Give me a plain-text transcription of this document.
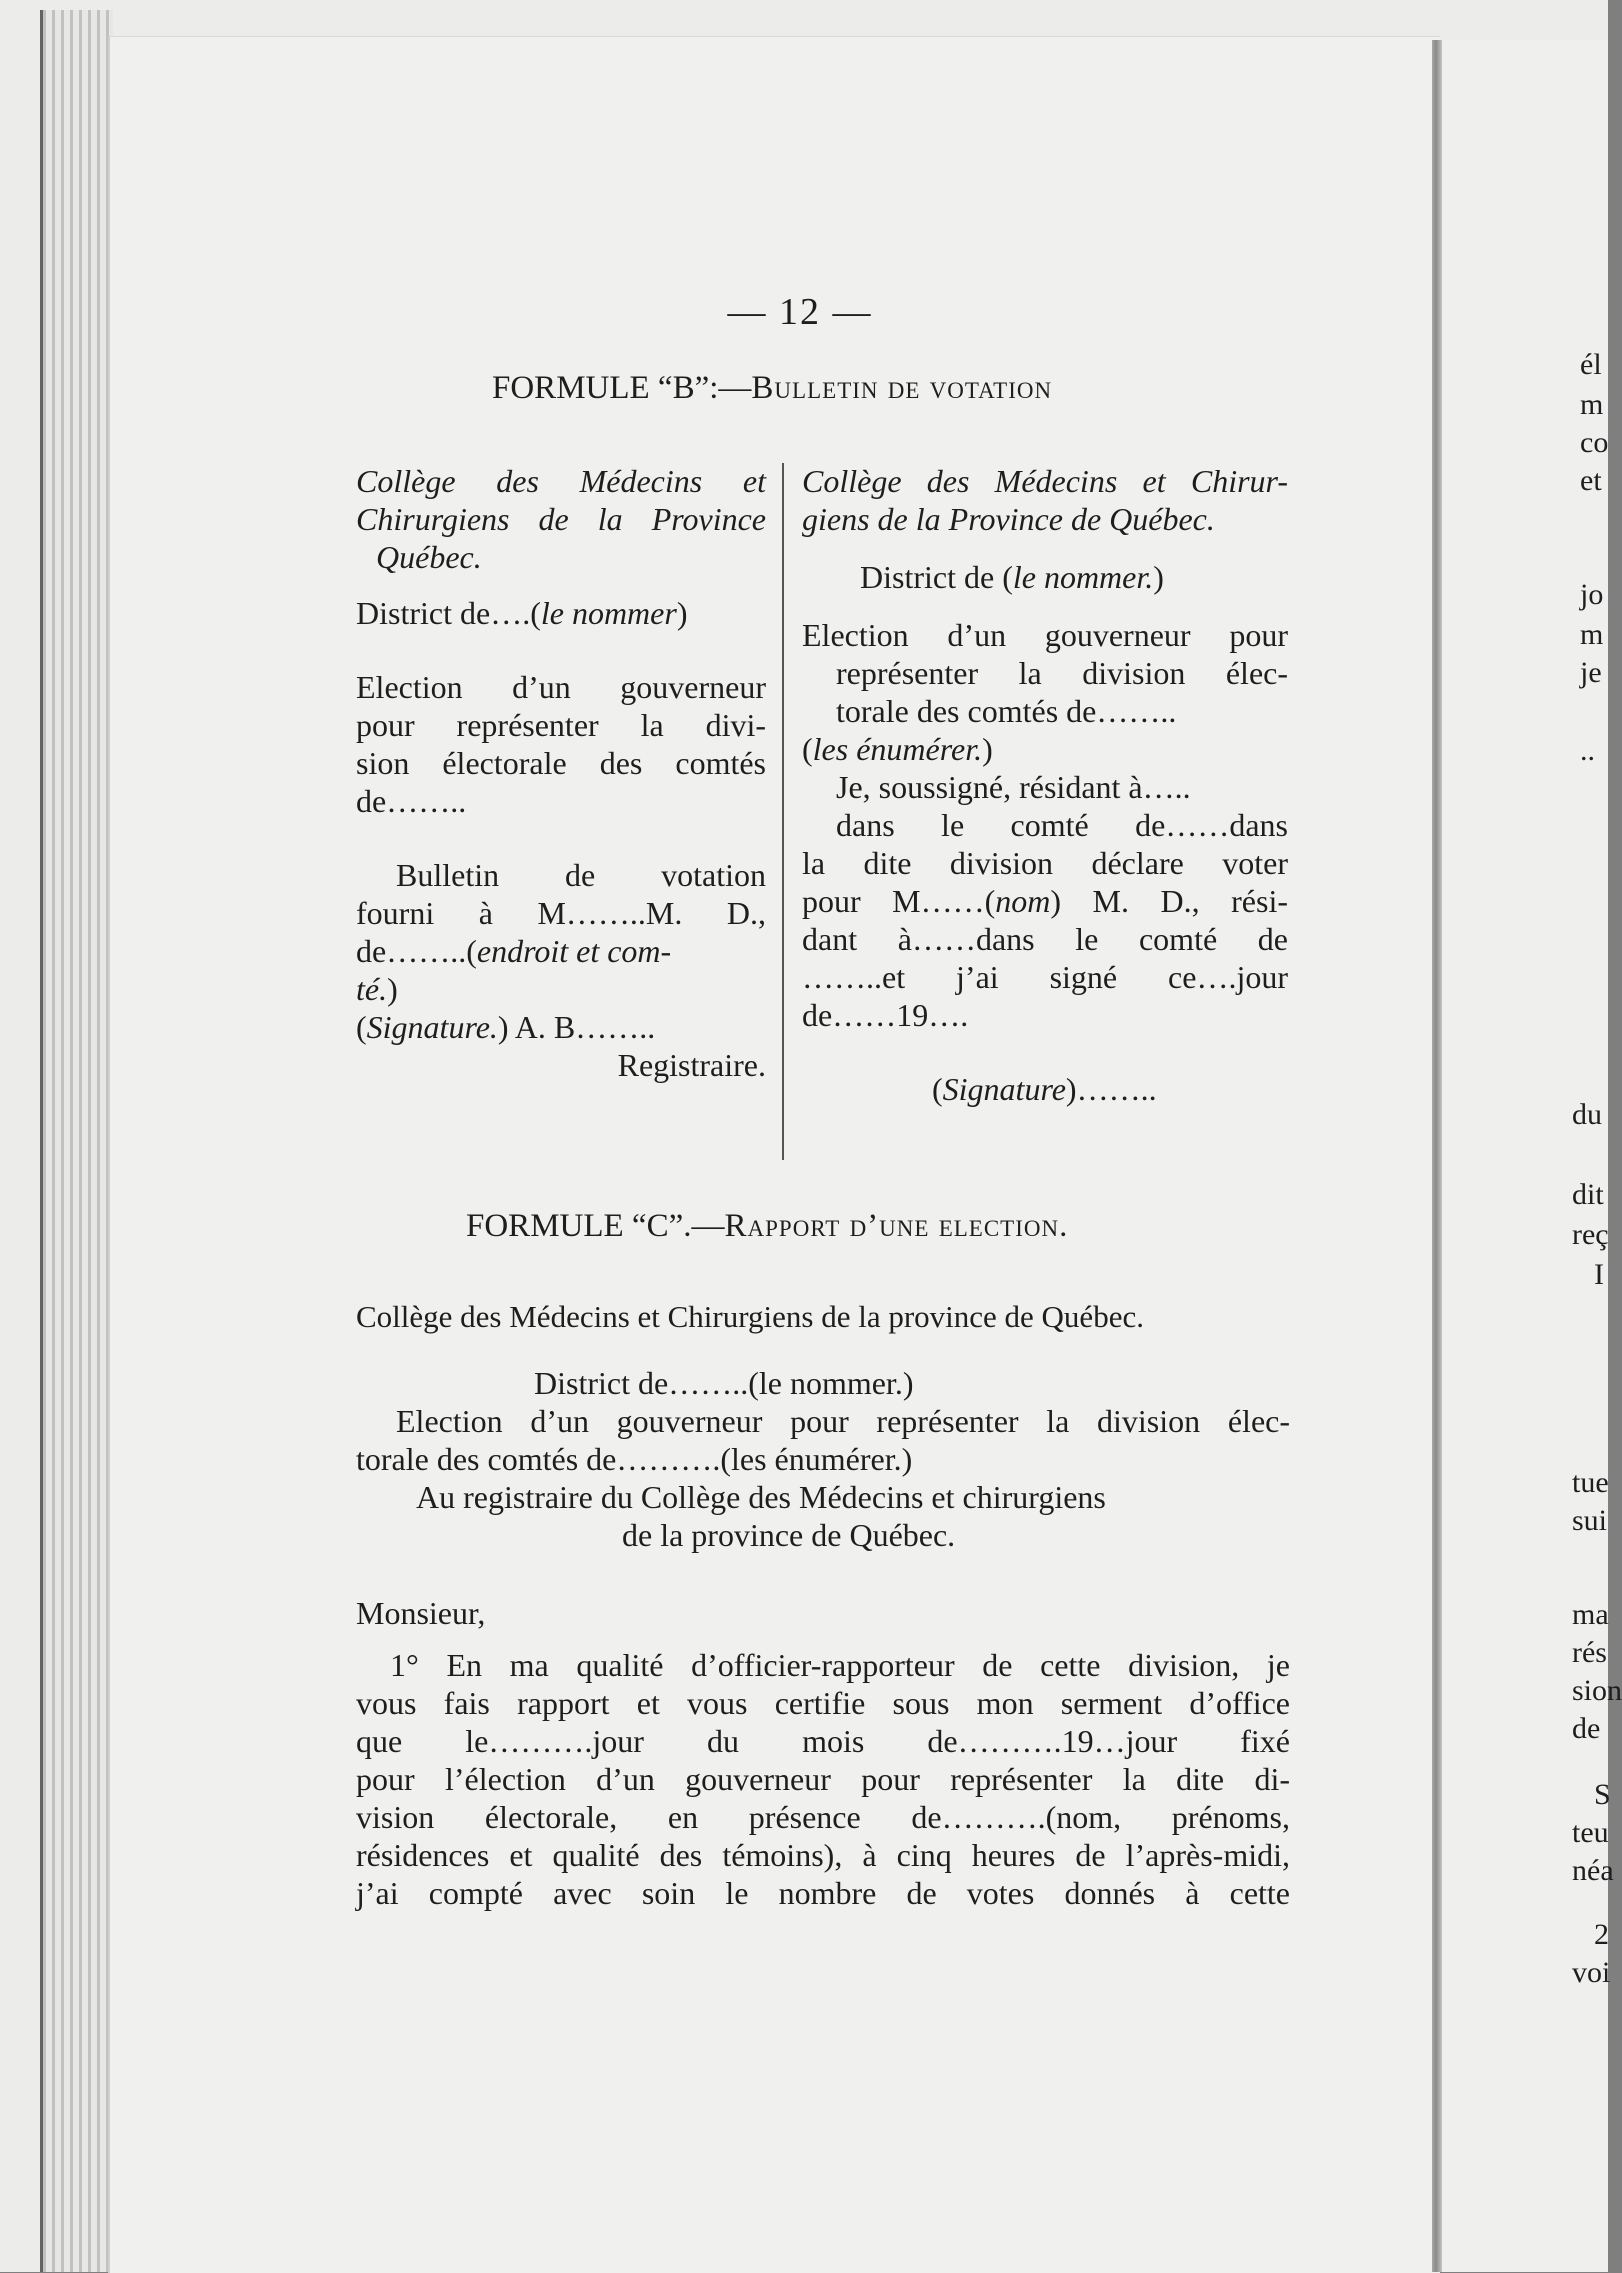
él
m
co
et
jo
m
je
..
du
dit
reç
I
tue
sui
ma
rés
sion
de
S
teu
néa
2
voi
— 12 —
FORMULE “B”:—Bulletin de votation

Collège des Médecins et

Chirurgiens de la Province

Québec.

District de….(le nommer)

Election d’un gouverneur

pour représenter la divi-

sion électorale des comtés

de……..

Bulletin de votation

fourni à M……..M. D.,

de……..(endroit et com-

té.)

(Signature.) A. B……..

Registraire.

Collège des Médecins et Chirur-

giens de la Province de Québec.

District de (le nommer.)

Election d’un gouverneur pour

représenter la division élec-

torale des comtés de……..

(les énumérer.)

Je, soussigné, résidant à…..

dans le comté de……dans

la dite division déclare voter

pour M……(nom) M. D., rési-

dant à……dans le comté de

……..et j’ai signé ce….jour

de……19….

(Signature)……..

FORMULE “C”.—Rapport d’une election.

Collège des Médecins et Chirurgiens de la province de Québec.

District de……..(le nommer.)

Election d’un gouverneur pour représenter la division élec-

torale des comtés de……….(les énumérer.)

Au registraire du Collège des Médecins et chirurgiens

de la province de Québec.

Monsieur,

1° En ma qualité d’officier-rapporteur de cette division, je

vous fais rapport et vous certifie sous mon serment d’office

que le……….jour du mois de……….19…jour fixé

pour l’élection d’un gouverneur pour représenter la dite di-

vision électorale, en présence de……….(nom, prénoms,

résidences et qualité des témoins), à cinq heures de l’après-midi,

j’ai compté avec soin le nombre de votes donnés à cette
